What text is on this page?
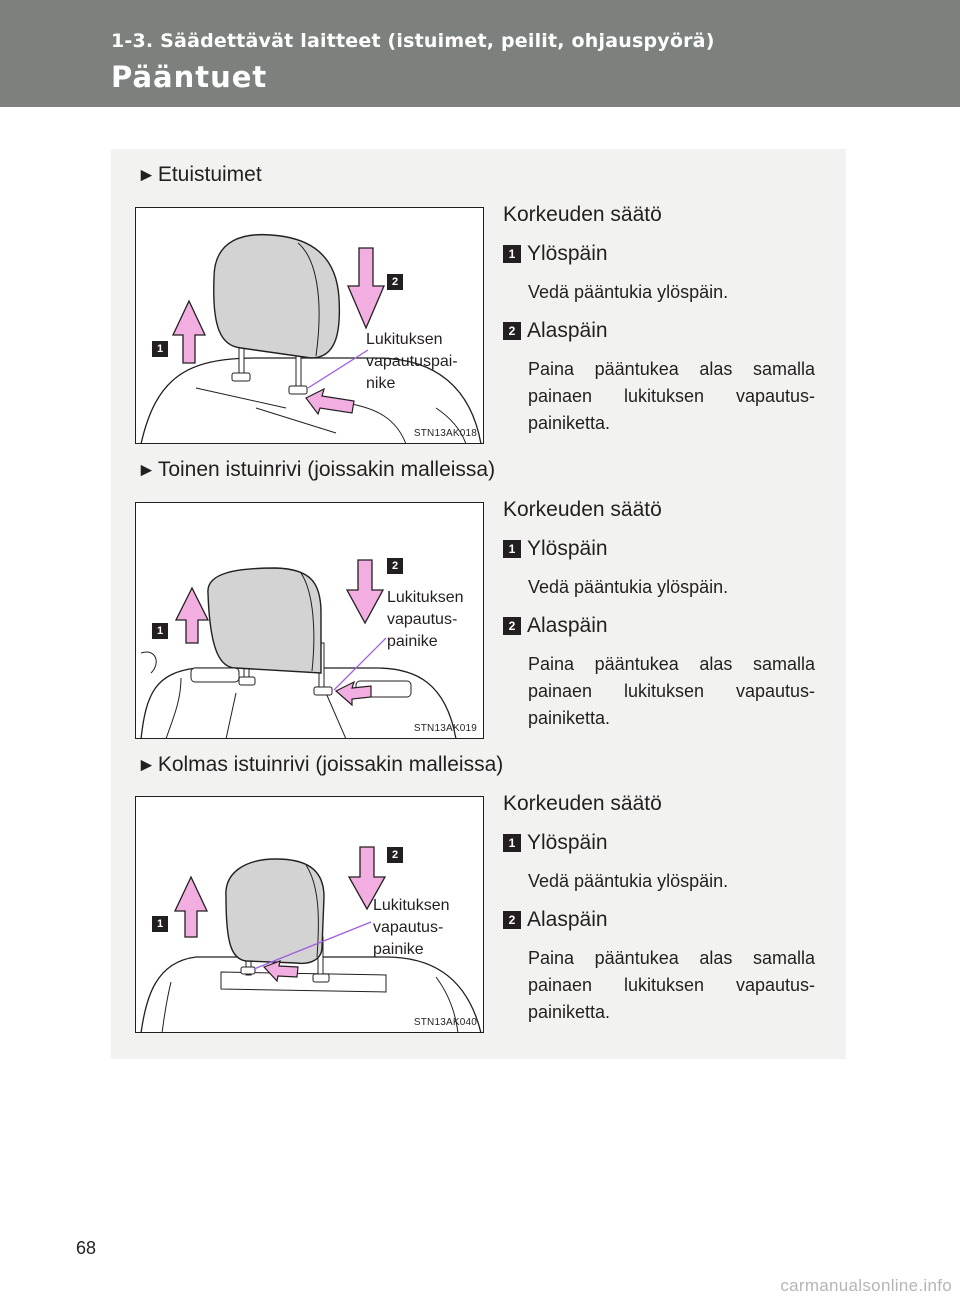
1-3. Säädettävät laitteet (istuimet, peilit, ohjauspyörä)
Pääntuet
►Etuistuimet
1
2
Lukituksen
vapautuspai-
nike
STN13AK018
Korkeuden säätö
1 Ylöspäin
Vedä pääntukia ylöspäin.
2 Alaspäin
Paina pääntukea alas samalla painaen lukituksen vapautus-painiketta.
►Toinen istuinrivi (joissakin malleissa)
1
2
Lukituksen
vapautus-
painike
STN13AK019
Korkeuden säätö
1 Ylöspäin
Vedä pääntukia ylöspäin.
2 Alaspäin
Paina pääntukea alas samalla painaen lukituksen vapautus-painiketta.
►Kolmas istuinrivi (joissakin malleissa)
1
2
Lukituksen
vapautus-
painike
STN13AK040
Korkeuden säätö
1 Ylöspäin
Vedä pääntukia ylöspäin.
2 Alaspäin
Paina pääntukea alas samalla painaen lukituksen vapautus-painiketta.
68
carmanualsonline.info
